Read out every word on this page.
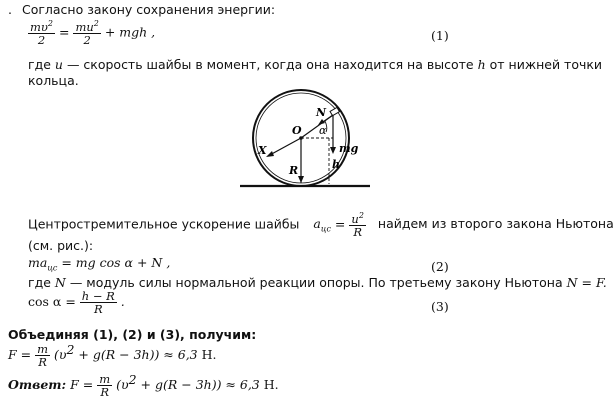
. Согласно закону сохранения энергии:
$\frac{m\upsilon^2}{2} = \frac{mu^2}{2}$ + mgh ,	(1)
где u — скорость шайбы в момент, когда она находится на высоте h от нижней точки
кольца.
O
N
α
X	mg
h
R
Центростремительное ускорение шайбы $a_{цс} = \frac{u^2}{R}$ найдем из второго закона Ньютона
(см. рис.):
$ma_{цс}$ = mg cos α + N ,	(2)
где N — модуль силы нормальной реакции опоры. По третьему закону Ньютона N = F.
$\cos \alpha = \frac{h - R}{R}$ .	(3)
Объединяя (1), (2) и (3), получим:
$F = \frac{m}{R} (\upsilon^2 + g(R - 3h)) \approx 6,3$ Н.
Ответ: $F = \frac{m}{R} (\upsilon^2 + g(R - 3h)) \approx 6,3$ Н.
